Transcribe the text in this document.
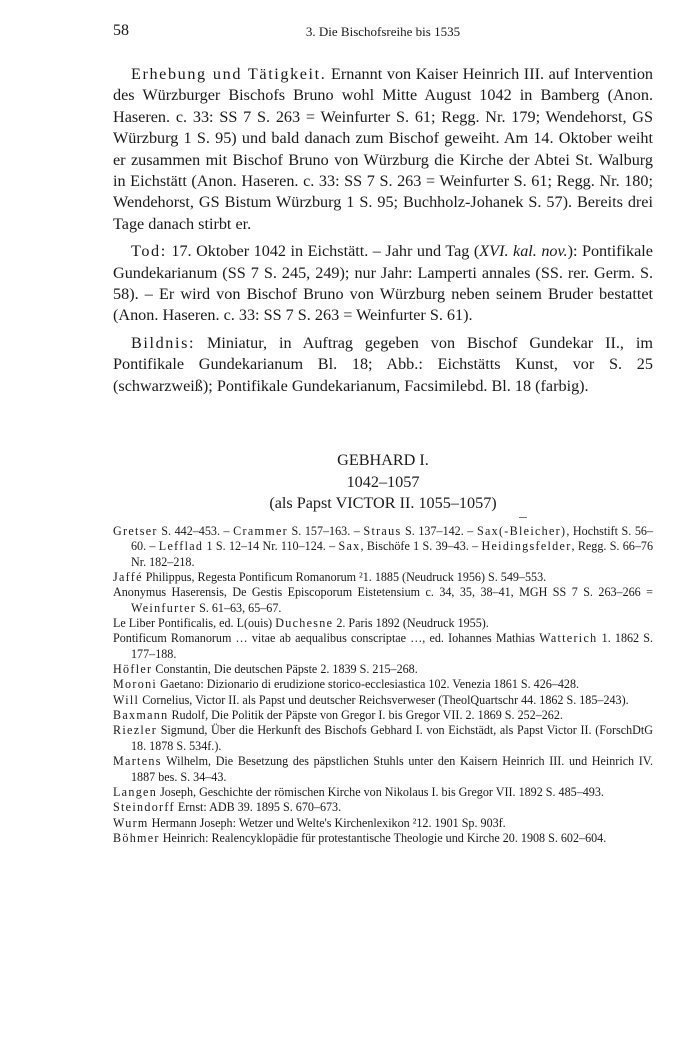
58	3. Die Bischofsreihe bis 1535

Erhebung und Tätigkeit. Ernannt von Kaiser Heinrich III. auf Intervention des Würzburger Bischofs Bruno wohl Mitte August 1042 in Bamberg (Anon. Haseren. c. 33: SS 7 S. 263 = Weinfurter S. 61; Regg. Nr. 179; Wendehorst, GS Würzburg 1 S. 95) und bald danach zum Bischof geweiht. Am 14. Oktober weiht er zusammen mit Bischof Bruno von Würzburg die Kirche der Abtei St. Walburg in Eichstätt (Anon. Haseren. c. 33: SS 7 S. 263 = Weinfurter S. 61; Regg. Nr. 180; Wendehorst, GS Bistum Würzburg 1 S. 95; Buchholz-Johanek S. 57). Bereits drei Tage danach stirbt er.

Tod: 17. Oktober 1042 in Eichstätt. – Jahr und Tag (XVI. kal. nov.): Pontifikale Gundekarianum (SS 7 S. 245, 249); nur Jahr: Lamperti annales (SS. rer. Germ. S. 58). – Er wird von Bischof Bruno von Würzburg neben seinem Bruder bestattet (Anon. Haseren. c. 33: SS 7 S. 263 = Weinfurter S. 61).

Bildnis: Miniatur, in Auftrag gegeben von Bischof Gundekar II., im Pontifikale Gundekarianum Bl. 18; Abb.: Eichstätts Kunst, vor S. 25 (schwarzweiß); Pontifikale Gundekarianum, Facsimilebd. Bl. 18 (farbig).

GEBHARD I.
1042–1057
(als Papst VICTOR II. 1055–1057)

Gretser S. 442–453. – Crammer S. 157–163. – Straus S. 137–142. – Sax(-Bleicher), Hochstift S. 56–60. – Lefflad 1 S. 12–14 Nr. 110–124. – Sax, Bischöfe 1 S. 39–43. – Heidingsfelder, Regg. S. 66–76 Nr. 182–218.

Jaffé Philippus, Regesta Pontificum Romanorum ²1. 1885 (Neudruck 1956) S. 549–553.

Anonymus Haserensis, De Gestis Episcoporum Eistetensium c. 34, 35, 38–41, MGH SS 7 S. 263–266 = Weinfurter S. 61–63, 65–67.

Le Liber Pontificalis, ed. L(ouis) Duchesne 2. Paris 1892 (Neudruck 1955).

Pontificum Romanorum … vitae ab aequalibus conscriptae …, ed. Iohannes Mathias Watterich 1. 1862 S. 177–188.

Höfler Constantin, Die deutschen Päpste 2. 1839 S. 215–268.

Moroni Gaetano: Dizionario di erudizione storico-ecclesiastica 102. Venezia 1861 S. 426–428.

Will Cornelius, Victor II. als Papst und deutscher Reichsverweser (TheolQuartschr 44. 1862 S. 185–243).

Baxmann Rudolf, Die Politik der Päpste von Gregor I. bis Gregor VII. 2. 1869 S. 252–262.

Riezler Sigmund, Über die Herkunft des Bischofs Gebhard I. von Eichstädt, als Papst Victor II. (ForschDtG 18. 1878 S. 534f.).

Martens Wilhelm, Die Besetzung des päpstlichen Stuhls unter den Kaisern Heinrich III. und Heinrich IV. 1887 bes. S. 34–43.

Langen Joseph, Geschichte der römischen Kirche von Nikolaus I. bis Gregor VII. 1892 S. 485–493.

Steindorff Ernst: ADB 39. 1895 S. 670–673.

Wurm Hermann Joseph: Wetzer und Welte's Kirchenlexikon ²12. 1901 Sp. 903f.

Böhmer Heinrich: Realencyklopädie für protestantische Theologie und Kirche 20. 1908 S. 602–604.
